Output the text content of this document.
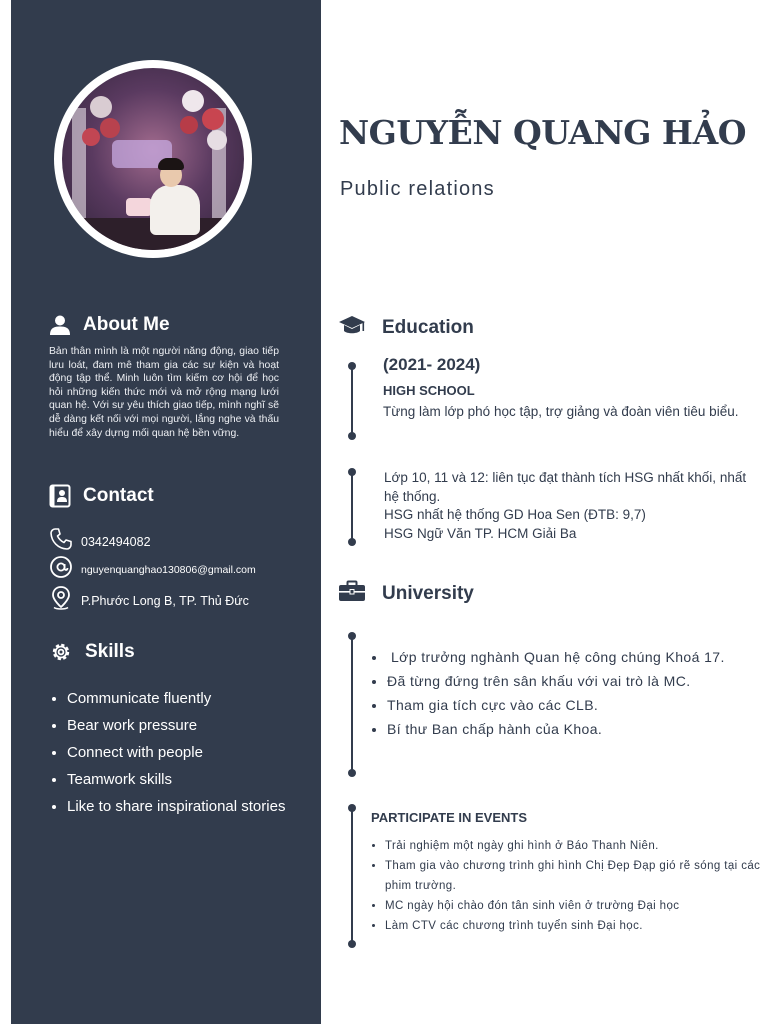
About Me
Bản thân mình là một người năng động, giao tiếp lưu loát, đam mê tham gia các sự kiện và hoạt động tập thể. Minh luôn tìm kiếm cơ hội để học hỏi những kiến thức mới và mở rộng mạng lưới quan hệ. Với sự yêu thích giao tiếp, mình nghĩ sẽ dễ dàng kết nối với mọi người, lắng nghe và thấu hiểu để xây dựng mối quan hệ bền vững.
Contact
0342494082
nguyenquanghao130806@gmail.com
P.Phước Long B, TP. Thủ Đức
Skills
• Communicate fluently
• Bear work pressure
• Connect with people
• Teamwork skills
• Like to share inspirational stories
NGUYỄN QUANG HẢO
Public relations
Education
(2021- 2024)
HIGH SCHOOL
Từng làm lớp phó học tập, trợ giảng và đoàn viên tiêu biểu.
Lớp 10, 11 và 12: liên tục đạt thành tích HSG nhất khối, nhất hệ thống.
HSG nhất hệ thống GD Hoa Sen (ĐTB: 9,7)
HSG Ngữ Văn TP. HCM Giải Ba
University
• Lớp trưởng nghành Quan hệ công chúng Khoá 17.
• Đã từng đứng trên sân khấu với vai trò là MC.
• Tham gia tích cực vào các CLB.
• Bí thư Ban chấp hành của Khoa.
PARTICIPATE IN EVENTS
• Trải nghiệm một ngày ghi hình ở Báo Thanh Niên.
• Tham gia vào chương trình ghi hình Chị Đẹp Đạp gió rẽ sóng tại các phim trường.
• MC ngày hội chào đón tân sinh viên ở trường Đại học
• Làm CTV các chương trình tuyển sinh Đại học.
